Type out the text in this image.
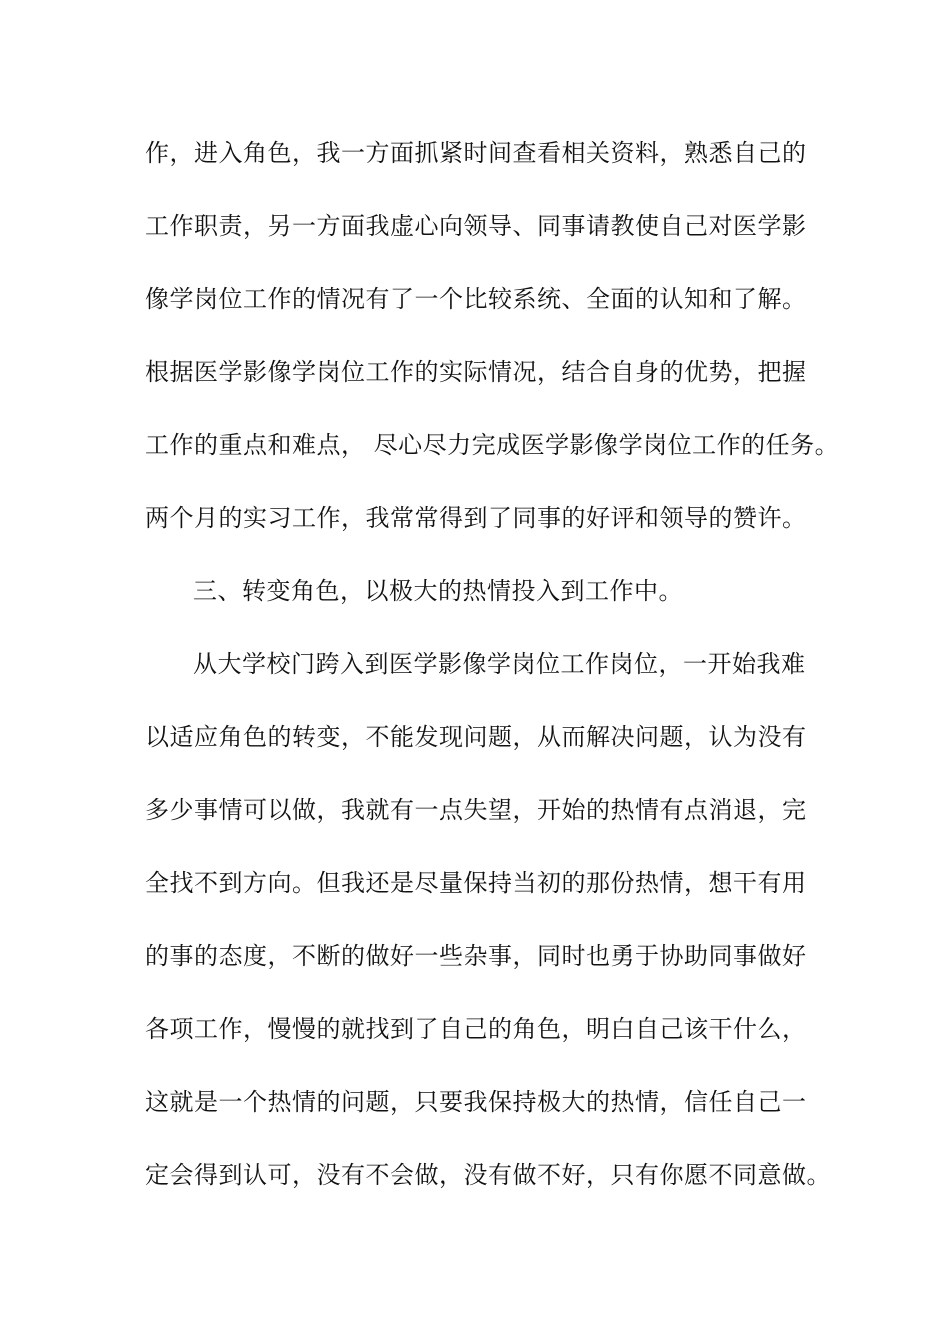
作，进入角色，我一方面抓紧时间查看相关资料，熟悉自己的
工作职责，另一方面我虚心向领导、同事请教使自己对医学影
像学岗位工作的情况有了一个比较系统、全面的认知和了解。
根据医学影像学岗位工作的实际情况，结合自身的优势，把握
工作的重点和难点， 尽心尽力完成医学影像学岗位工作的任务。
两个月的实习工作，我常常得到了同事的好评和领导的赞许。
三、转变角色，以极大的热情投入到工作中。
从大学校门跨入到医学影像学岗位工作岗位，一开始我难
以适应角色的转变，不能发现问题，从而解决问题，认为没有
多少事情可以做，我就有一点失望，开始的热情有点消退，完
全找不到方向。但我还是尽量保持当初的那份热情，想干有用
的事的态度，不断的做好一些杂事，同时也勇于协助同事做好
各项工作，慢慢的就找到了自己的角色，明白自己该干什么，
这就是一个热情的问题，只要我保持极大的热情，信任自己一
定会得到认可，没有不会做，没有做不好，只有你愿不同意做。
